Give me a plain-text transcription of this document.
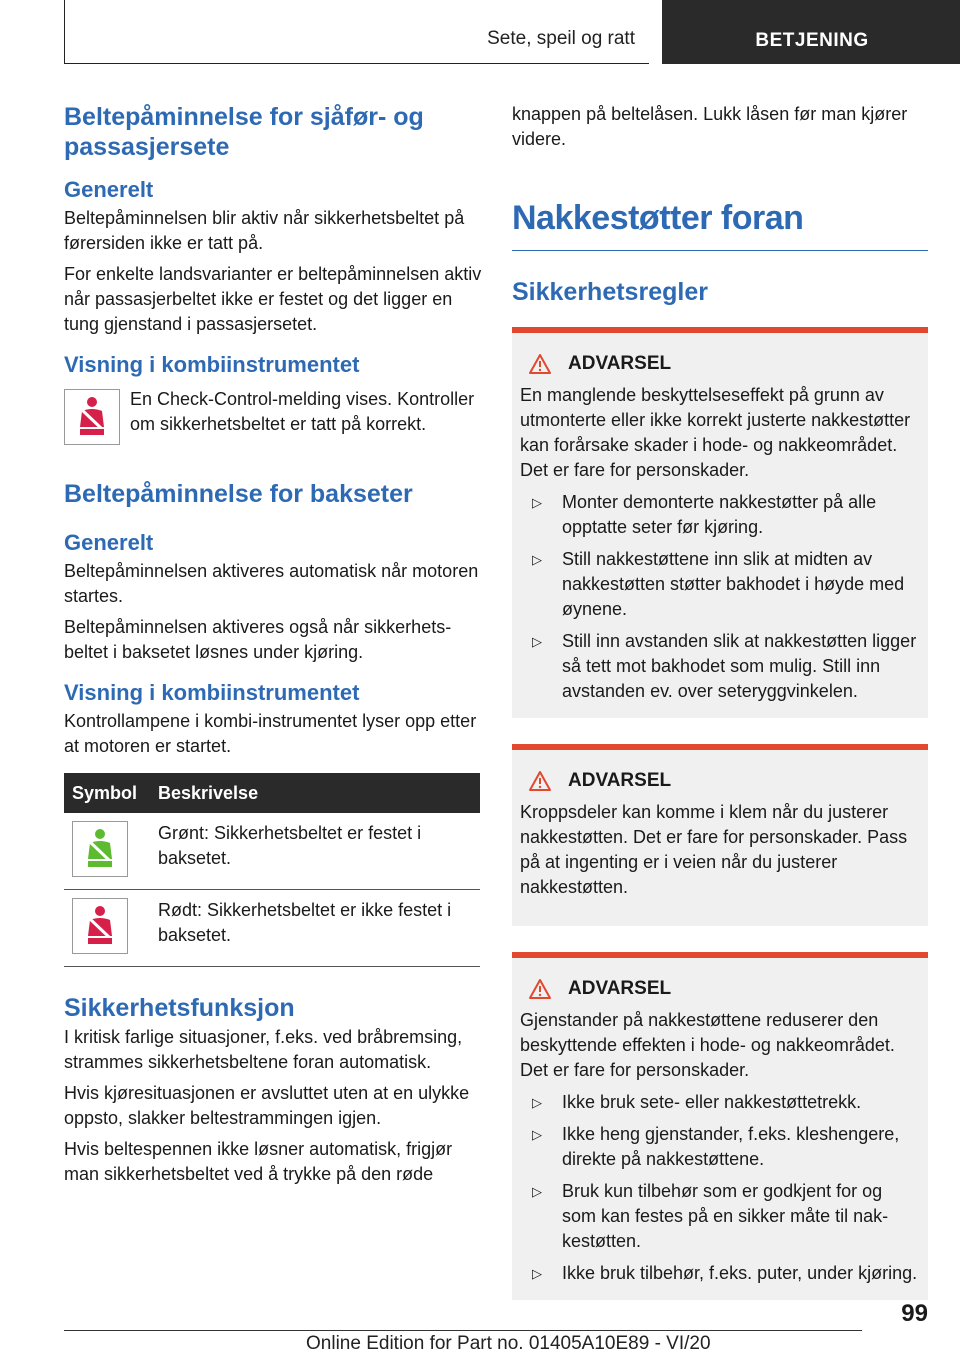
Sete, speil og ratt	BETJENING
Beltepåminnelse for sjåfør- og passasjersete
Generelt
Beltepåminnelsen blir aktiv når sikkerhetsbeltet på førersiden ikke er tatt på.
For enkelte landsvarianter er beltepåminnelsen aktiv når passasjerbeltet ikke er festet og det ligger en tung gjenstand i passasjersetet.
Visning i kombiinstrumentet
En Check-Control-melding vises. Kontroller om sikkerhetsbeltet er tatt på korrekt.
Beltepåminnelse for bakseter
Generelt
Beltepåminnelsen aktiveres automatisk når motoren startes.
Beltepåminnelsen aktiveres også når sikkerhetsbeltet i baksetet løsnes under kjøring.
Visning i kombiinstrumentet
Kontrollampene i kombi-instrumentet lyser opp etter at motoren er startet.
Symbol	Beskrivelse

	Grønt: Sikkerhetsbeltet er festet i baksetet.

	Rødt: Sikkerhetsbeltet er ikke festet i baksetet.
Sikkerhetsfunksjon
I kritisk farlige situasjoner, f.eks. ved bråbremsing, strammes sikkerhetsbeltene foran automatisk.
Hvis kjøresituasjonen er avsluttet uten at en ulykke oppsto, slakker beltestrammingen igjen.
Hvis beltespennen ikke løsner automatisk, frigjør man sikkerhetsbeltet ved å trykke på den røde
knappen på beltelåsen. Lukk låsen før man kjører videre.
Nakkestøtter foran
Sikkerhetsregler
ADVARSEL
En manglende beskyttelseseffekt på grunn av utmonterte eller ikke korrekt justerte nakkestøtter kan forårsake skader i hode- og nakkeområdet. Det er fare for personskader.
▷	Monter demonterte nakkestøtter på alle opptatte seter før kjøring.
▷	Still nakkestøttene inn slik at midten av nakkestøtten støtter bakhodet i høyde med øynene.
▷	Still inn avstanden slik at nakkestøtten ligger så tett mot bakhodet som mulig. Still inn avstanden ev. over seteryggvinkelen.
ADVARSEL
Kroppsdeler kan komme i klem når du justerer nakkestøtten. Det er fare for personskader. Pass på at ingenting er i veien når du justerer nakkestøtten.
ADVARSEL
Gjenstander på nakkestøttene reduserer den beskyttende effekten i hode- og nakkeområdet. Det er fare for personskader.
▷	Ikke bruk sete- eller nakkestøttetrekk.
▷	Ikke heng gjenstander, f.eks. kleshengere, direkte på nakkestøttene.
▷	Bruk kun tilbehør som er godkjent for og som kan festes på en sikker måte til nakkestøtten.
▷	Ikke bruk tilbehør, f.eks. puter, under kjøring.
99
Online Edition for Part no. 01405A10E89 - VI/20
